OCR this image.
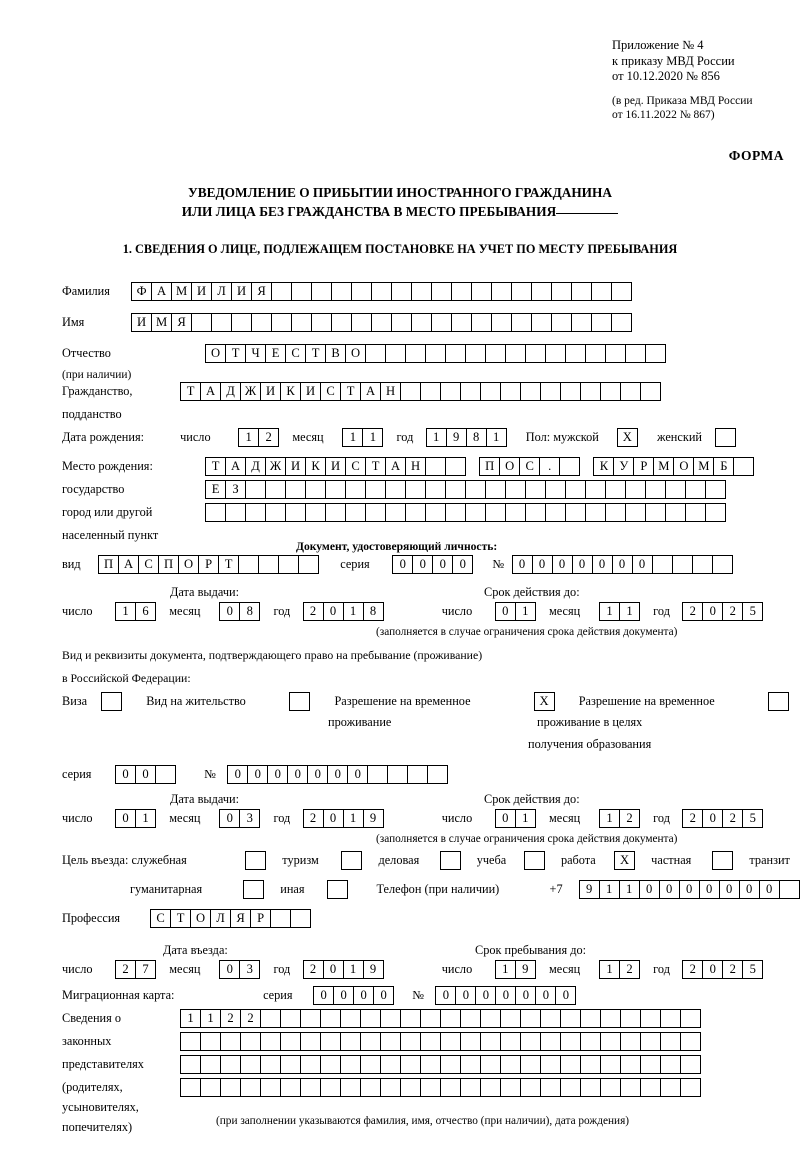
Приложение № 4
к приказу МВД России
от 10.12.2020 № 856
(в ред. Приказа МВД России
от 16.11.2022 № 867)
ФОРМА
УВЕДОМЛЕНИЕ О ПРИБЫТИИ ИНОСТРАННОГО ГРАЖДАНИНА
ИЛИ ЛИЦА БЕЗ ГРАЖДАНСТВА В МЕСТО ПРЕБЫВАНИЯ
1. СВЕДЕНИЯ О ЛИЦЕ, ПОДЛЕЖАЩЕМ ПОСТАНОВКЕ НА УЧЕТ ПО МЕСТУ ПРЕБЫВАНИЯ
Фамилия Ф А М И Л И Я
Имя	И М Я
Отчество	О Т Ч Е С Т В О
(при наличии)
Гражданство,	Т А Д Ж И К И С Т А Н
подданство
Дата рождения:	число	1 2 месяц 1 1 год 1 9 8 1 Пол: мужской X женский
Место рождения:	Т А Д Ж И К И С Т А Н	П О С .	К У Р М О М Б
государство	Е З
город или другой
населенный пункт
Документ, удостоверяющий личность:
вид П А С П О Р Т	серия 0 0 0 0 № 0 0 0 0 0 0 0
Дата выдачи:	Срок действия до:
число 1 6 месяц 0 8 год 2 0 1 8	число 0 1 месяц 1 1 год 2 0 2 5
(заполняется в случае ограничения срока действия документа)
Вид и реквизиты документа, подтверждающего право на пребывание (проживание)
в Российской Федерации:
Виза	Вид на жительство	Разрешение на временное	X Разрешение на временное
проживание	проживание в целях
получения образования
серия 0 0	№ 0 0 0 0 0 0 0
Дата выдачи:	Срок действия до:
число 0 1 месяц 0 3 год 2 0 1 9	число 0 1 месяц 1 2 год 2 0 2 5
(заполняется в случае ограничения срока действия документа)
Цель въезда: служебная	туризм	деловая	учеба	работа X частная	транзит
гуманитарная	иная	Телефон (при наличии)	+7 9 1 1 0 0 0 0 0 0 0
Профессия	С Т О Л Я Р
Дата въезда:	Срок пребывания до:
число 2 7 месяц 0 3 год 2 0 1 9	число 1 9 месяц 1 2 год 2 0 2 5
Миграционная карта:	серия 0 0 0 0 № 0 0 0 0 0 0 0
Сведения о	1 1 2 2
законных
представителях
(родителях,
усыновителях,
попечителях)	(при заполнении указываются фамилия, имя, отчество (при наличии), дата рождения)
